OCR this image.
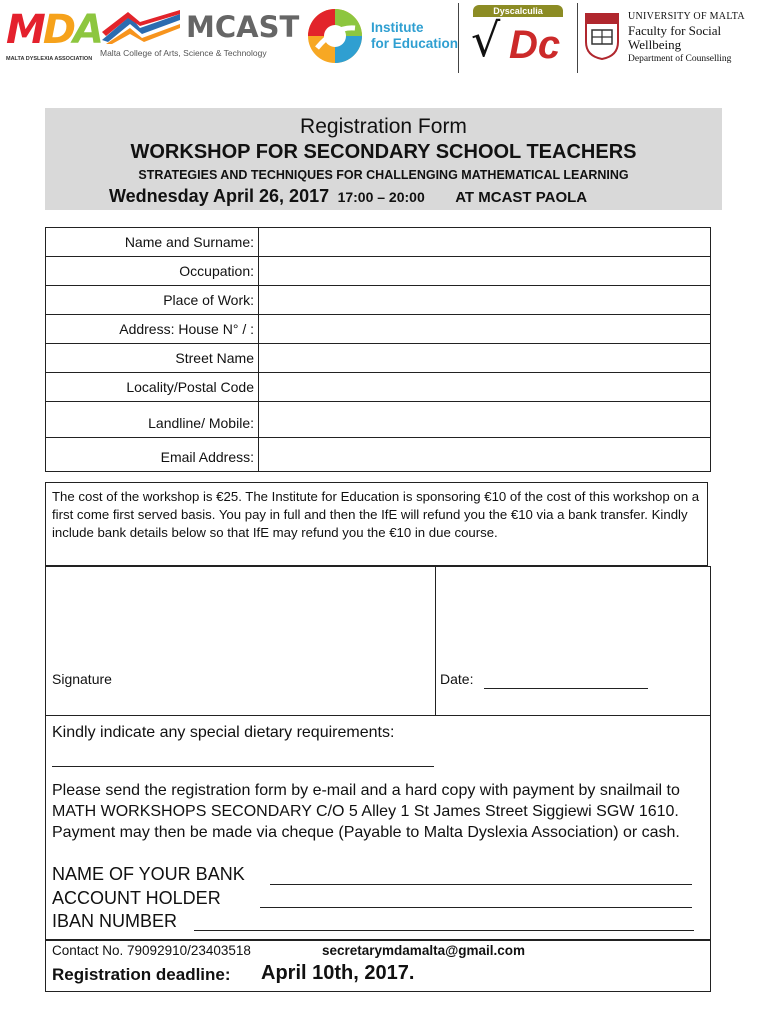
MDA
MALTA DYSLEXIA ASSOCIATION
MCAST
Malta College of Arts, Science & Technology
Institute
for Education
Dyscalculia
√ Dc
UNIVERSITY OF MALTA
Faculty for Social Wellbeing
Department of Counselling
Registration Form
WORKSHOP FOR SECONDARY SCHOOL TEACHERS
STRATEGIES AND TECHNIQUES FOR CHALLENGING MATHEMATICAL LEARNING
Wednesday April 26, 2017 17:00 – 20:00 AT MCAST PAOLA
Name and Surname:
Occupation:
Place of Work:
Address: House N° / :
Street Name
Locality/Postal Code
Landline/ Mobile:
Email Address:
The cost of the workshop is €25. The Institute for Education is sponsoring €10 of the cost of this workshop on a first come first served basis. You pay in full and then the IfE will refund you the €10 via a bank transfer. Kindly include bank details below so that IfE may refund you the €10 in due course.
Signature	Date:
Kindly indicate any special dietary requirements:
Please send the registration form by e-mail and a hard copy with payment by snailmail to MATH WORKSHOPS SECONDARY C/O 5 Alley 1 St James Street Siggiewi SGW 1610. Payment may then be made via cheque (Payable to Malta Dyslexia Association) or cash.
NAME OF YOUR BANK
ACCOUNT HOLDER
IBAN NUMBER
Contact No. 79092910/23403518	secretarymdamalta@gmail.com
Registration deadline: April 10th, 2017.
